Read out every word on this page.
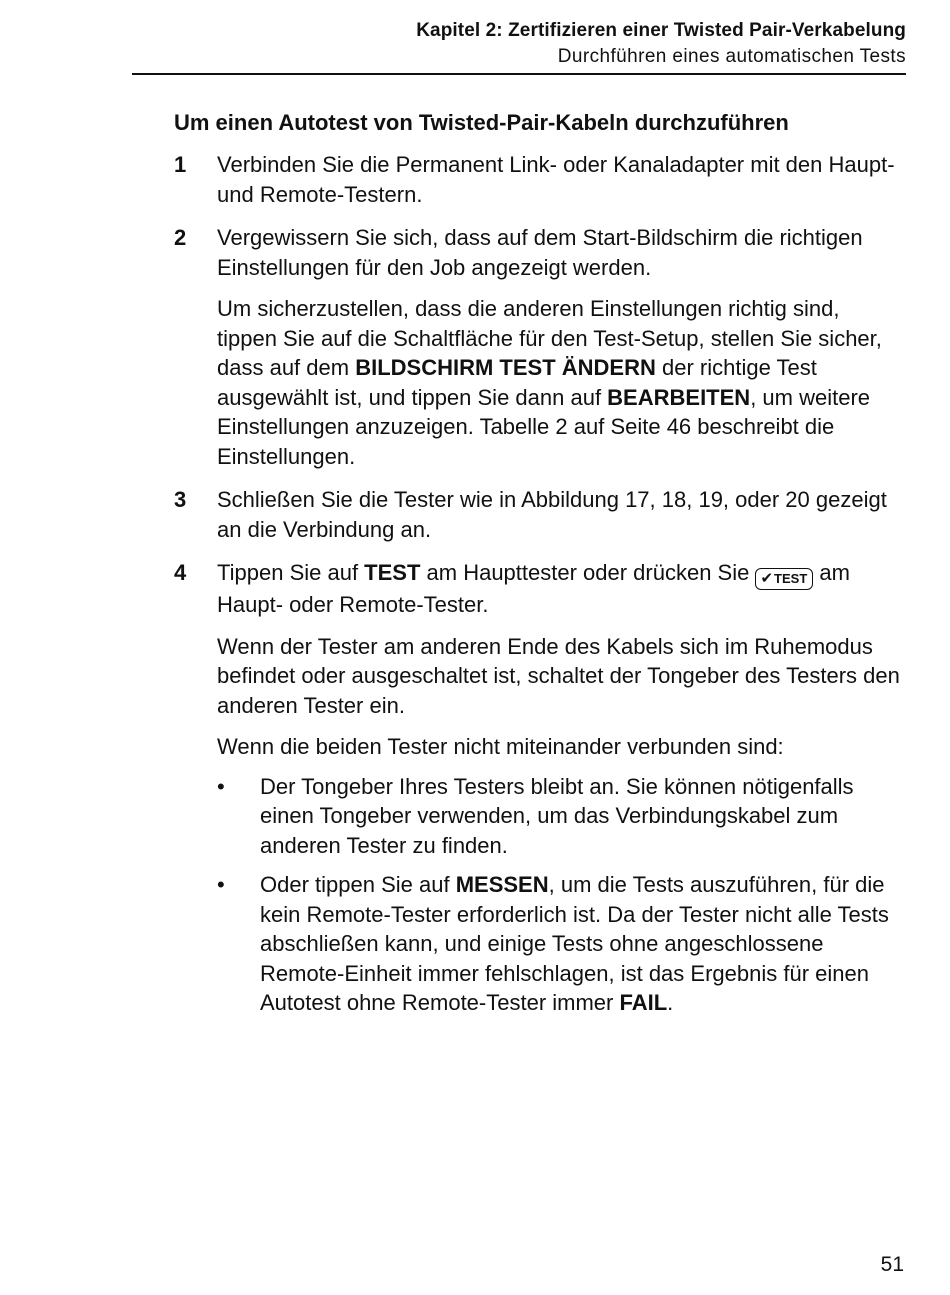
Kapitel 2: Zertifizieren einer Twisted Pair-Verkabelung
Durchführen eines automatischen Tests
Um einen Autotest von Twisted-Pair-Kabeln durchzuführen
1 Verbinden Sie die Permanent Link- oder Kanaladapter mit den Haupt- und Remote-Testern.
2 Vergewissern Sie sich, dass auf dem Start-Bildschirm die richtigen Einstellungen für den Job angezeigt werden.
Um sicherzustellen, dass die anderen Einstellungen richtig sind, tippen Sie auf die Schaltfläche für den Test-Setup, stellen Sie sicher, dass auf dem BILDSCHIRM TEST ÄNDERN der richtige Test ausgewählt ist, und tippen Sie dann auf BEARBEITEN, um weitere Einstellungen anzuzeigen. Tabelle 2 auf Seite 46 beschreibt die Einstellungen.
3 Schließen Sie die Tester wie in Abbildung 17, 18, 19, oder 20 gezeigt an die Verbindung an.
4 Tippen Sie auf TEST am Haupttester oder drücken Sie ✔TEST am Haupt- oder Remote-Tester.
Wenn der Tester am anderen Ende des Kabels sich im Ruhemodus befindet oder ausgeschaltet ist, schaltet der Tongeber des Testers den anderen Tester ein.
Wenn die beiden Tester nicht miteinander verbunden sind:
• Der Tongeber Ihres Testers bleibt an. Sie können nötigenfalls einen Tongeber verwenden, um das Verbindungskabel zum anderen Tester zu finden.
• Oder tippen Sie auf MESSEN, um die Tests auszuführen, für die kein Remote-Tester erforderlich ist. Da der Tester nicht alle Tests abschließen kann, und einige Tests ohne angeschlossene Remote-Einheit immer fehlschlagen, ist das Ergebnis für einen Autotest ohne Remote-Tester immer FAIL.
51
